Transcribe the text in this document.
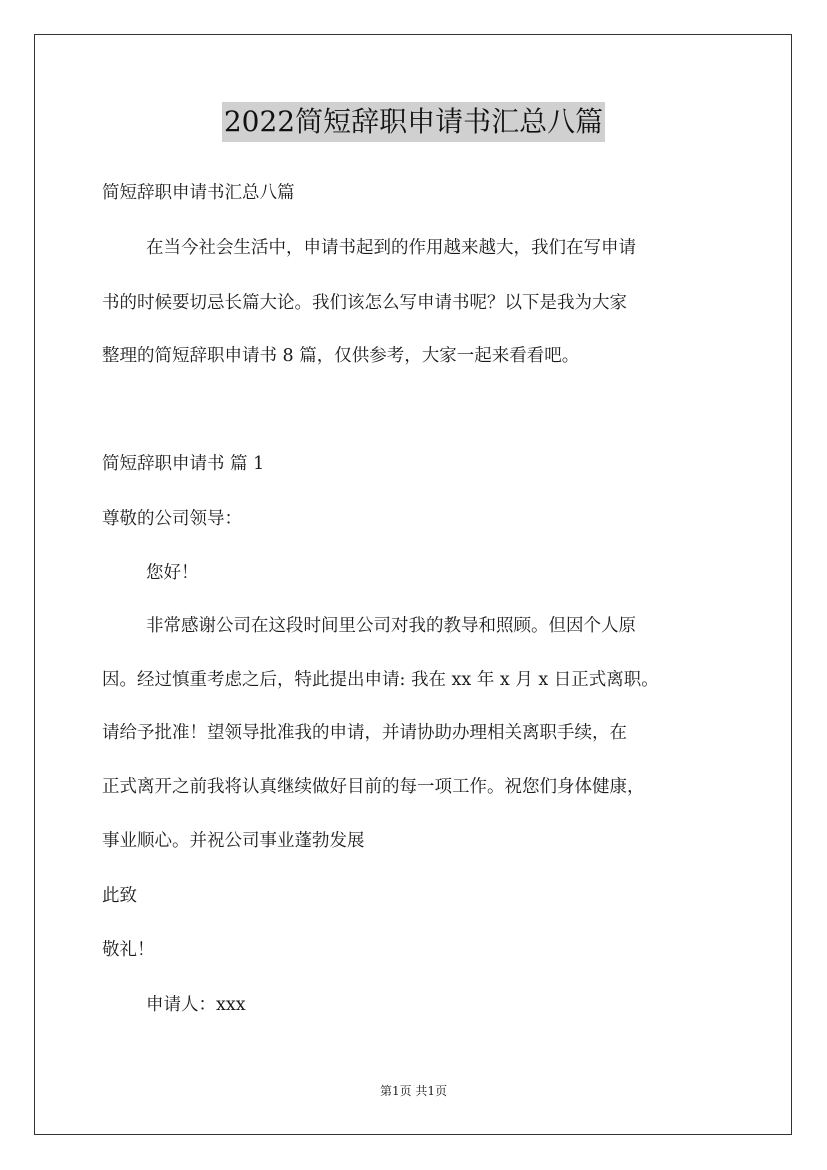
2022简短辞职申请书汇总八篇
简短辞职申请书汇总八篇
在当今社会生活中，申请书起到的作用越来越大，我们在写申请
书的时候要切忌长篇大论。我们该怎么写申请书呢？以下是我为大家
整理的简短辞职申请书 8 篇，仅供参考，大家一起来看看吧。
简短辞职申请书 篇 1
尊敬的公司领导：
您好！
非常感谢公司在这段时间里公司对我的教导和照顾。但因个人原
因。经过慎重考虑之后，特此提出申请: 我在 xx 年 x 月 x 日正式离职。
请给予批准！望领导批准我的申请，并请协助办理相关离职手续，在
正式离开之前我将认真继续做好目前的每一项工作。祝您们身体健康，
事业顺心。并祝公司事业蓬勃发展
此致
敬礼！
申请人：xxx
第1页 共1页
